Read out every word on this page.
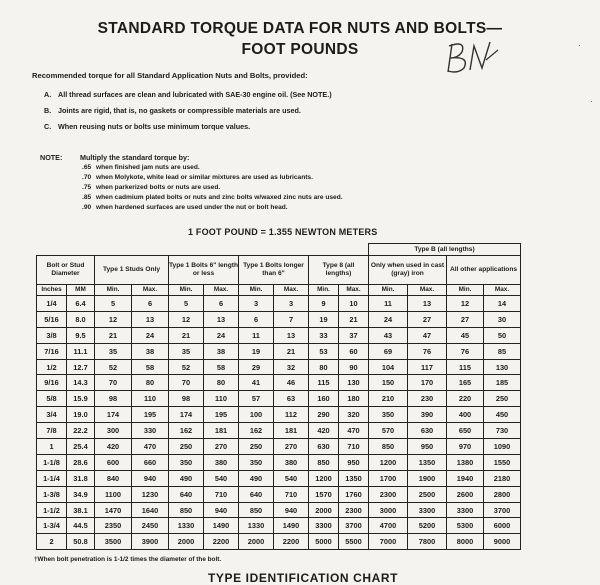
STANDARD TORQUE DATA FOR NUTS AND BOLTS—
FOOT POUNDS
Recommended torque for all Standard Application Nuts and Bolts, provided:
A. All thread surfaces are clean and lubricated with SAE-30 engine oil. (See NOTE.)
B. Joints are rigid, that is, no gaskets or compressible materials are used.
C. When reusing nuts or bolts use minimum torque values.
NOTE:	Multiply the standard torque by:
.65 when finished jam nuts are used.
.70 when Molykote, white lead or similar mixtures are used as lubricants.
.75 when parkerized bolts or nuts are used.
.85 when cadmium plated bolts or nuts and zinc bolts w/waxed zinc nuts are used.
.90 when hardened surfaces are used under the nut or bolt head.
1 FOOT POUND = 1.355 NEWTON METERS
										Type B (all lengths)			
Bolt or Stud Diameter		Type 1 Studs Only		Type 1 Bolts 6" length or less		Type 1 Bolts longer than 6"		Type 8 (all lengths)		Only when used in cast (gray) iron		All other applications	
Inches	MM	Min.	Max.	Min.	Max.	Min.	Max.	Min.	Max.	Min.	Max.	Min.	Max.
1/4	6.4	5	6	5	6	3	3	9	10	11	13	12	14
5/16	8.0	12	13	12	13	6	7	19	21	24	27	27	30
3/8	9.5	21	24	21	24	11	13	33	37	43	47	45	50
7/16	11.1	35	38	35	38	19	21	53	60	69	76	76	85
1/2	12.7	52	58	52	58	29	32	80	90	104	117	115	130
9/16	14.3	70	80	70	80	41	46	115	130	150	170	165	185
5/8	15.9	98	110	98	110	57	63	160	180	210	230	220	250
3/4	19.0	174	195	174	195	100	112	290	320	350	390	400	450
7/8	22.2	300	330	162	181	162	181	420	470	570	630	650	730
1	25.4	420	470	250	270	250	270	630	710	850	950	970	1090
1-1/8	28.6	600	660	350	380	350	380	850	950	1200	1350	1380	1550
1-1/4	31.8	840	940	490	540	490	540	1200	1350	1700	1900	1940	2180
1-3/8	34.9	1100	1230	640	710	640	710	1570	1760	2300	2500	2600	2800
1-1/2	38.1	1470	1640	850	940	850	940	2000	2300	3000	3300	3300	3700
1-3/4	44.5	2350	2450	1330	1490	1330	1490	3300	3700	4700	5200	5300	6000
2	50.8	3500	3900	2000	2200	2000	2200	5000	5500	7000	7800	8000	9000
†When bolt penetration is 1-1/2 times the diameter of the bolt.
TYPE IDENTIFICATION CHART
·
·
